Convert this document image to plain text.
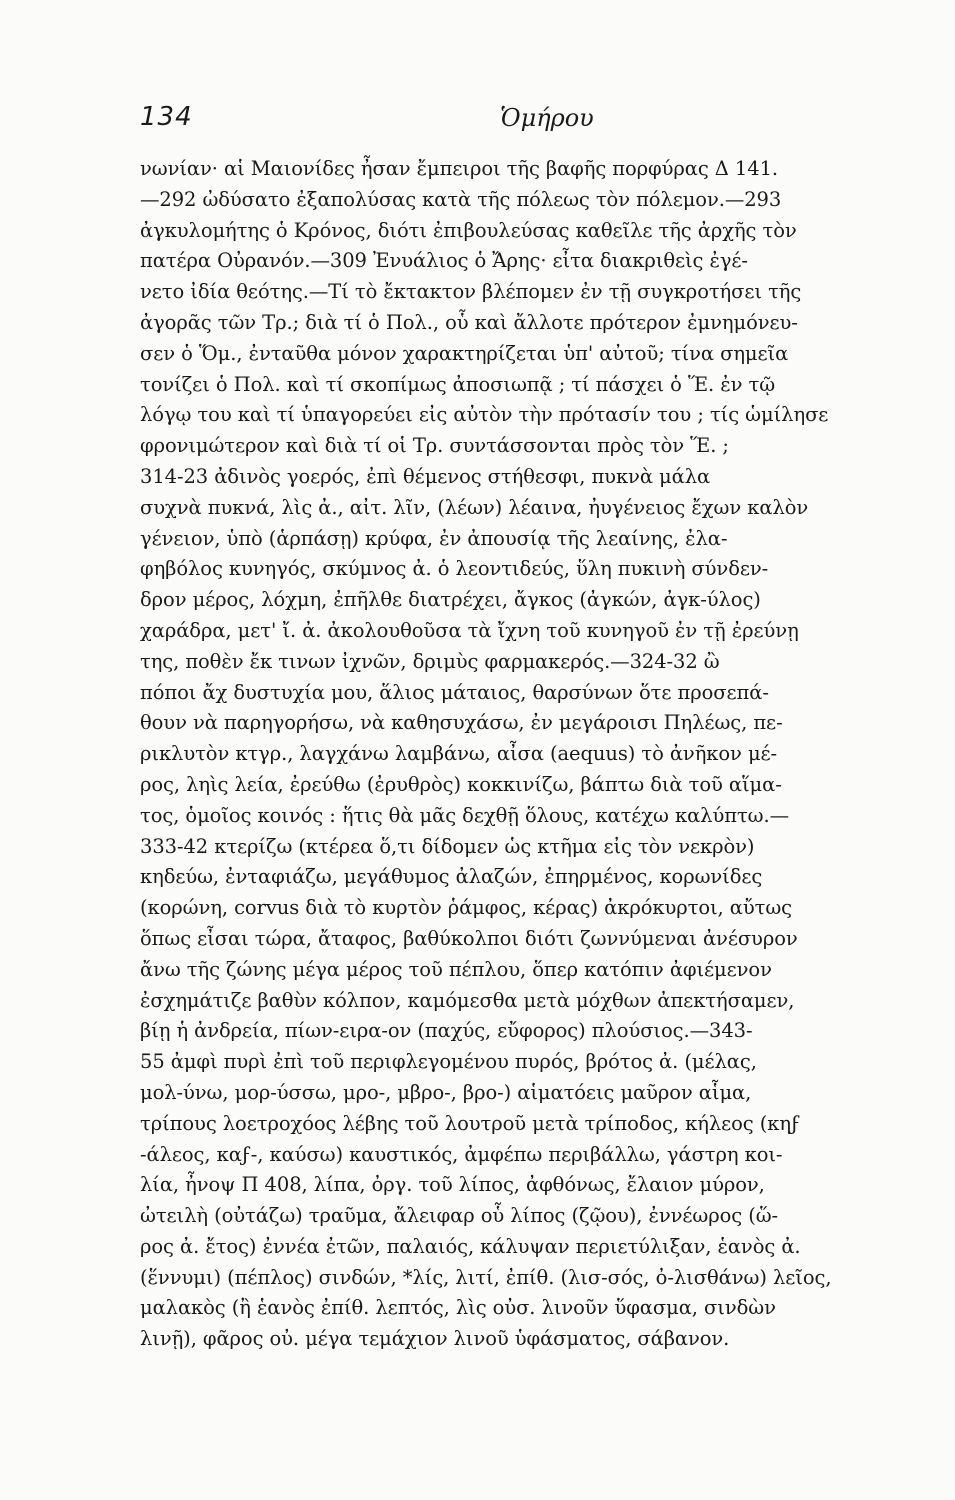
134	Ὁμήρου
νωνίαν· αἱ Μαιονίδες ἦσαν ἔμπειροι τῆς βαφῆς πορφύρας Δ 141.
—292 ὠδύσατο ἐξαπολύσας κατὰ τῆς πόλεως τὸν πόλεμον.—293
ἀγκυλομήτης ὁ Κρόνος, διότι ἐπιβουλεύσας καθεῖλε τῆς ἀρχῆς τὸν
πατέρα Οὐρανόν.—309 Ἐνυάλιος ὁ Ἄρης· εἶτα διακριθεὶς ἐγέ-
νετο ἰδία θεότης.—Τί τὸ ἔκτακτον βλέπομεν ἐν τῇ συγκροτήσει τῆς
ἀγορᾶς τῶν Τρ.; διὰ τί ὁ Πολ., οὗ καὶ ἄλλοτε πρότερον ἐμνημόνευ-
σεν ὁ Ὅμ., ἐνταῦθα μόνον χαρακτηρίζεται ὑπ' αὐτοῦ; τίνα σημεῖα
τονίζει ὁ Πολ. καὶ τί σκοπίμως ἀποσιωπᾷ ; τί πάσχει ὁ Ἕ. ἐν τῷ
λόγῳ του καὶ τί ὑπαγορεύει εἰς αὐτὸν τὴν πρότασίν του ; τίς ὡμίλησε
φρονιμώτερον καὶ διὰ τί οἱ Τρ. συντάσσονται πρὸς τὸν Ἕ. ;
314-23 ἀδινὸς γοερός, ἐπὶ θέμενος στήθεσφι, πυκνὰ μάλα
συχνὰ πυκνά, λὶς ἀ., αἰτ. λῖν, (λέων) λέαινα, ἠυγένειος ἔχων καλὸν
γένειον, ὑπὸ (ἁρπάσῃ) κρύφα, ἐν ἀπουσίᾳ τῆς λεαίνης, ἐλα-
φηβόλος κυνηγός, σκύμνος ἀ. ὁ λεοντιδεύς, ὕλη πυκινὴ σύνδεν-
δρον μέρος, λόχμη, ἐπῆλθε διατρέχει, ἄγκος (ἀγκών, ἀγκ-ύλος)
χαράδρα, μετ' ἴ. ἀ. ἀκολουθοῦσα τὰ ἴχνη τοῦ κυνηγοῦ ἐν τῇ ἐρεύνῃ
της, ποθὲν ἔκ τινων ἰχνῶν, δριμὺς φαρμακερός.—324-32 ὢ
πόποι ἄχ δυστυχία μου, ἅλιος μάταιος, θαρσύνων ὅτε προσεπά-
θουν νὰ παρηγορήσω, νὰ καθησυχάσω, ἐν μεγάροισι Πηλέως, πε-
ρικλυτὸν κτγρ., λαγχάνω λαμβάνω, αἶσα (aequus) τὸ ἀνῆκον μέ-
ρος, ληὶς λεία, ἐρεύθω (ἐρυθρὸς) κοκκινίζω, βάπτω διὰ τοῦ αἵμα-
τος, ὁμοῖος κοινός : ἥτις θὰ μᾶς δεχθῇ ὅλους, κατέχω καλύπτω.—
333-42 κτερίζω (κτέρεα ὅ,τι δίδομεν ὡς κτῆμα εἰς τὸν νεκρὸν)
κηδεύω, ἐνταφιάζω, μεγάθυμος ἀλαζών, ἐπηρμένος, κορωνίδες
(κορώνη, corvus διὰ τὸ κυρτὸν ῥάμφος, κέρας) ἀκρόκυρτοι, αὔτως
ὅπως εἶσαι τώρα, ἄταφος, βαθύκολποι διότι ζωννύμεναι ἀνέσυρον
ἄνω τῆς ζώνης μέγα μέρος τοῦ πέπλου, ὅπερ κατόπιν ἀφιέμενον
ἐσχημάτιζε βαθὺν κόλπον, καμόμεσθα μετὰ μόχθων ἀπεκτήσαμεν,
βίῃ ἡ ἀνδρεία, πίων-ειρα-ον (παχύς, εὔφορος) πλούσιος.—343-
55 ἀμφὶ πυρὶ ἐπὶ τοῦ περιφλεγομένου πυρός, βρότος ἀ. (μέλας,
μολ-ύνω, μορ-ύσσω, μρο-, μβρο-, βρο-) αἱματόεις μαῦρον αἷμα,
τρίπους λοετροχόος λέβης τοῦ λουτροῦ μετὰ τρίποδος, κήλεος (κηϝ
-άλεος, καϝ-, καύσω) καυστικός, ἀμφέπω περιβάλλω, γάστρη κοι-
λία, ἦνοψ Π 408, λίπα, ὀργ. τοῦ λίπος, ἀφθόνως, ἔλαιον μύρον,
ὠτειλὴ (οὐτάζω) τραῦμα, ἄλειφαρ οὗ λίπος (ζῷου), ἐννέωρος (ὥ-
ρος ἀ. ἔτος) ἐννέα ἐτῶν, παλαιός, κάλυψαν περιετύλιξαν, ἑανὸς ἀ.
(ἕννυμι) (πέπλος) σινδών, *λίς, λιτί, ἐπίθ. (λισ-σός, ὀ-λισθάνω) λεῖος,
μαλακὸς (ἢ ἑανὸς ἐπίθ. λεπτός, λὶς οὐσ. λινοῦν ὕφασμα, σινδὼν
λινῇ), φᾶρος οὐ. μέγα τεμάχιον λινοῦ ὑφάσματος, σάβανον.
